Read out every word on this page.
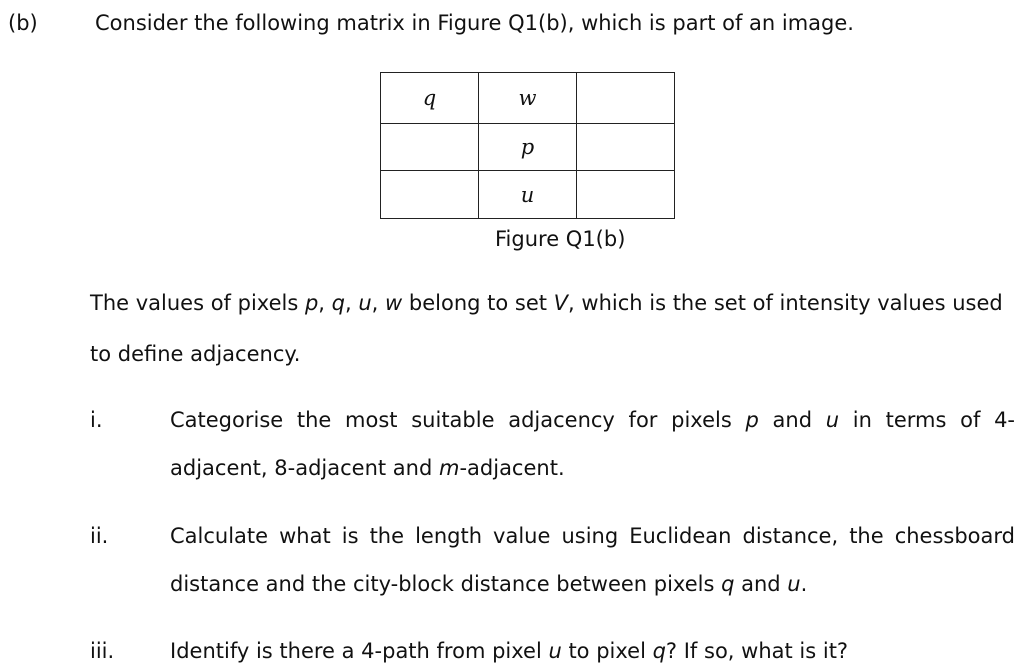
(b)	Consider the following matrix in Figure Q1(b), which is part of an image.
q	w	
	p	
	u	
Figure Q1(b)
The values of pixels p, q, u, w belong to set V, which is the set of intensity values used
to define adjacency.
i.	Categorise the most suitable adjacency for pixels p and u in terms of 4-
adjacent, 8-adjacent and m-adjacent.
ii.	Calculate what is the length value using Euclidean distance, the chessboard
distance and the city-block distance between pixels q and u.
iii.	Identify is there a 4-path from pixel u to pixel q? If so, what is it?
